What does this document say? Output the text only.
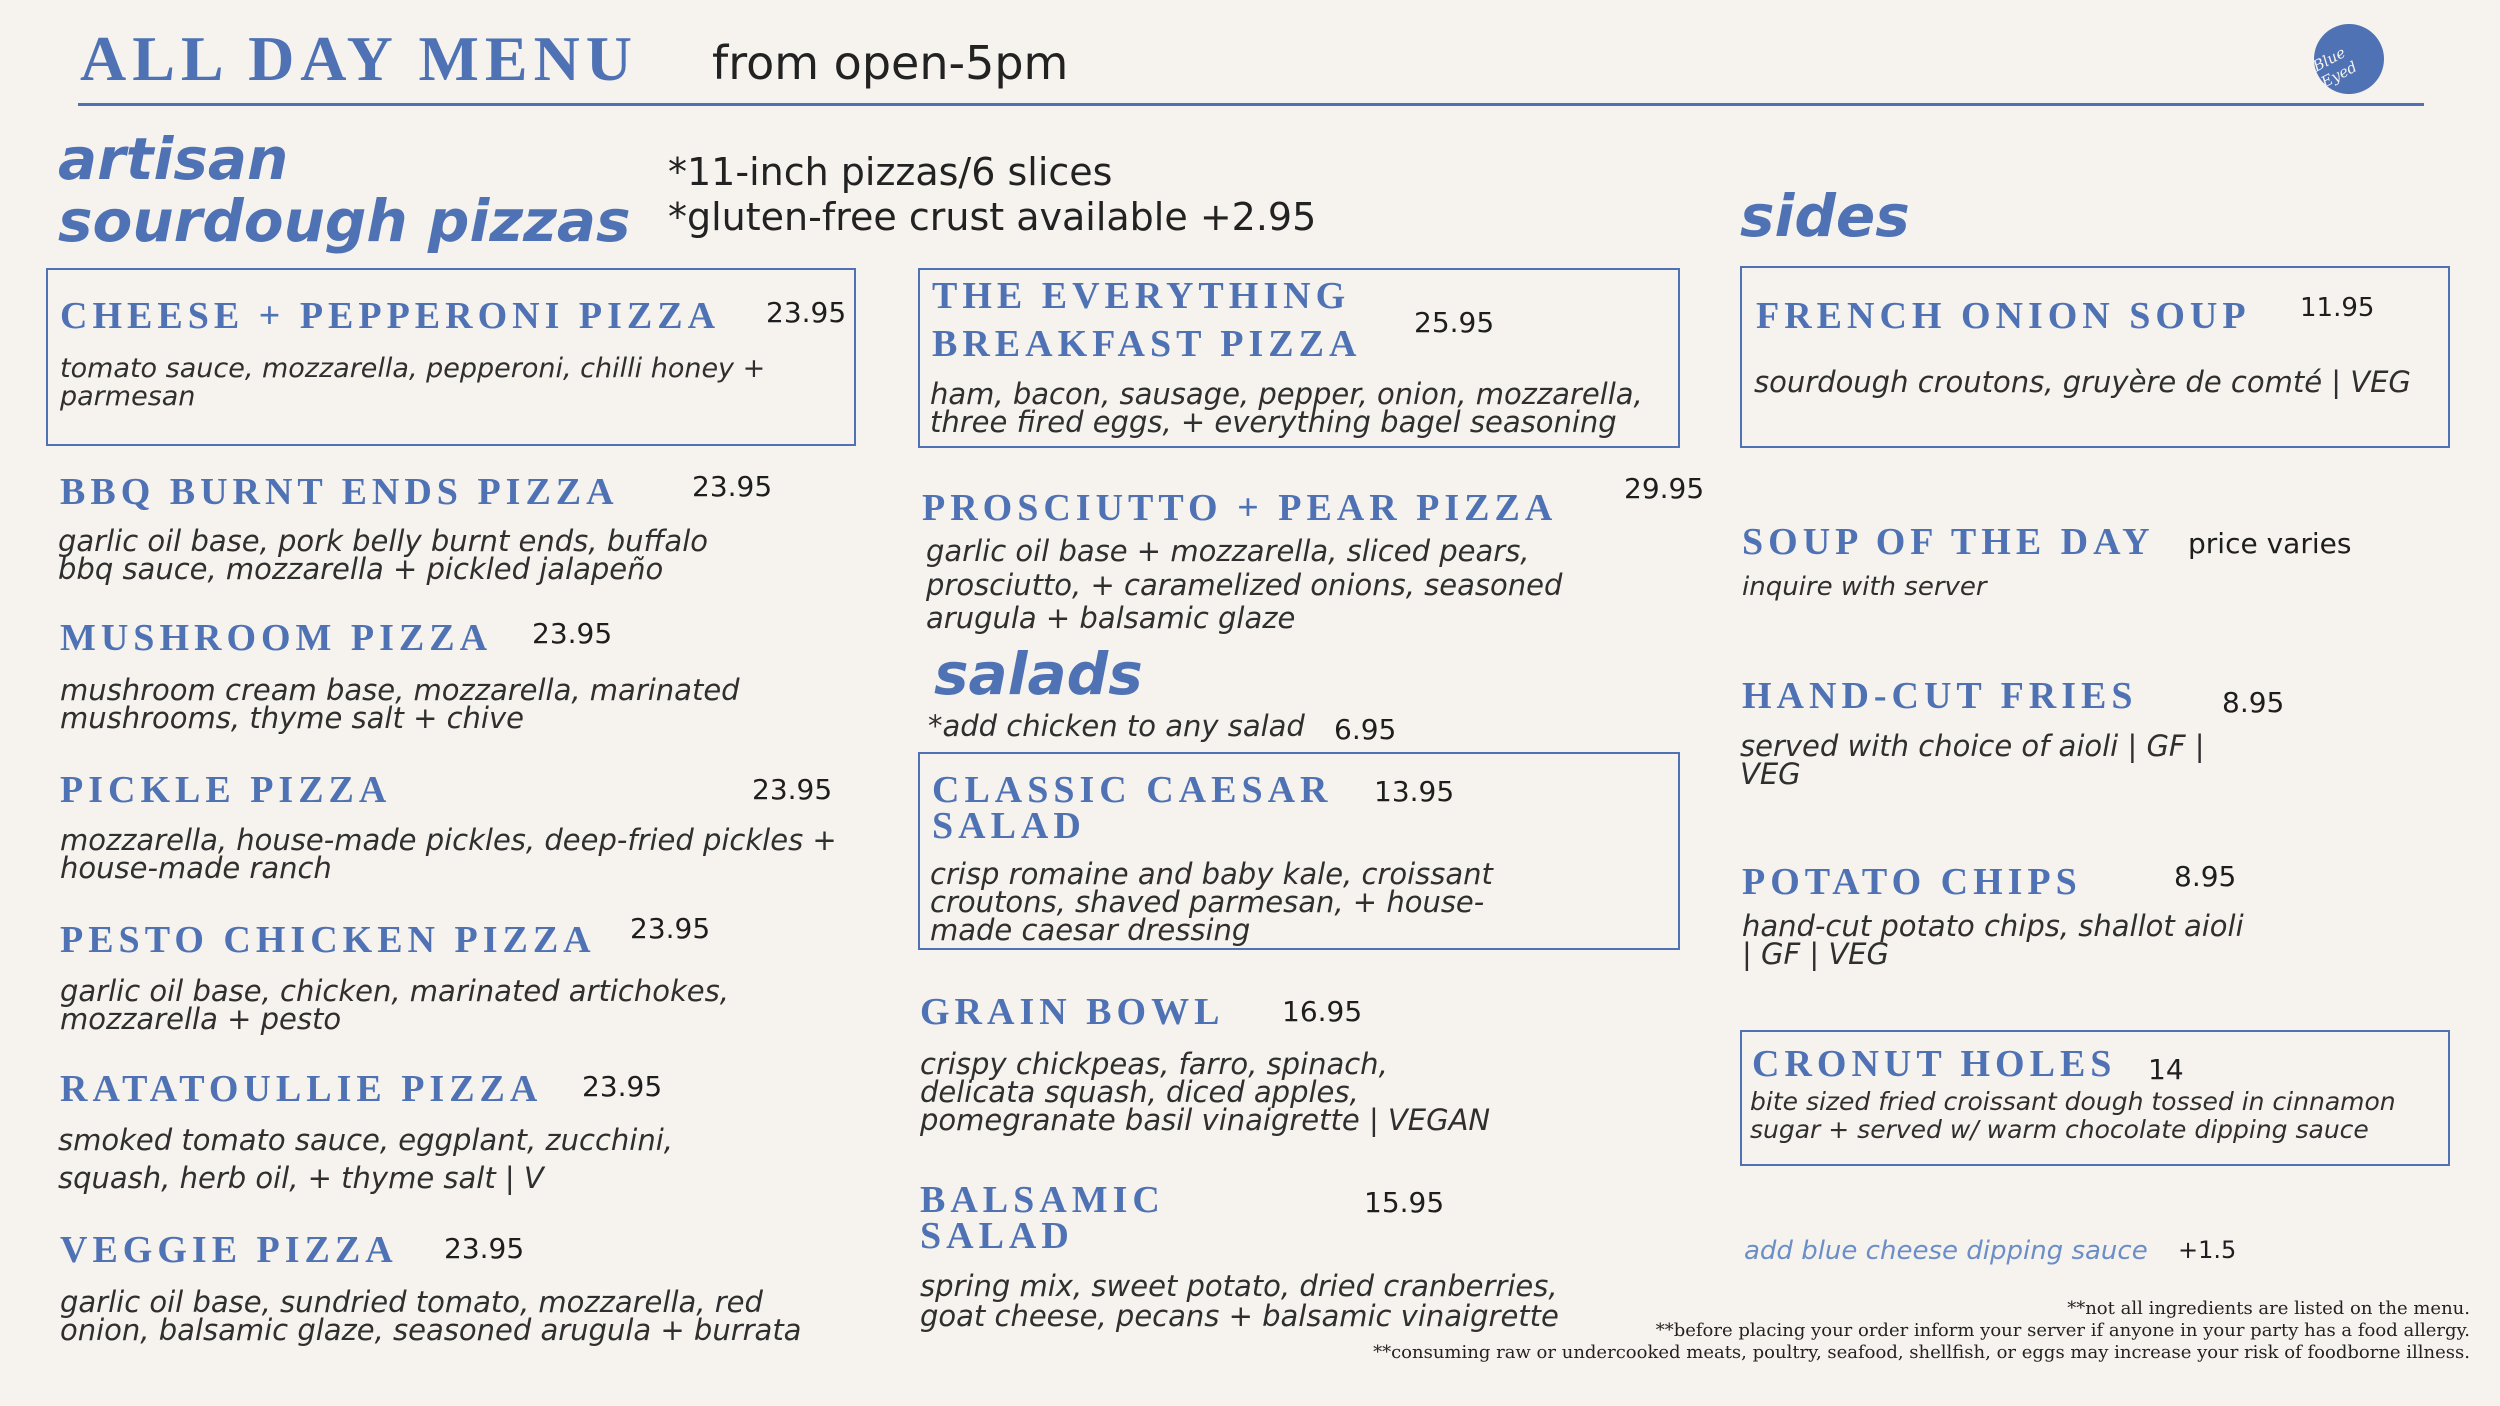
ALL DAY MENU from open-5pm	Blue Eyed
artisan
sourdough pizzas
*11-inch pizzas/6 slices
*gluten-free crust available +2.95
CHEESE + PEPPERONI PIZZA 23.95
tomato sauce, mozzarella, pepperoni, chilli honey +
parmesan
BBQ BURNT ENDS PIZZA	23.95
garlic oil base, pork belly burnt ends, buffalo
bbq sauce, mozzarella + pickled jalapeño
MUSHROOM PIZZA 23.95
mushroom cream base, mozzarella, marinated
mushrooms, thyme salt + chive
PICKLE PIZZA	23.95
mozzarella, house-made pickles, deep-fried pickles +
house-made ranch
PESTO CHICKEN PIZZA 23.95
garlic oil base, chicken, marinated artichokes,
mozzarella + pesto
RATATOULLIE PIZZA 23.95
smoked tomato sauce, eggplant, zucchini,
squash, herb oil, + thyme salt | V
VEGGIE PIZZA 23.95
garlic oil base, sundried tomato, mozzarella, red
onion, balsamic glaze, seasoned arugula + burrata
THE EVERYTHING
BREAKFAST PIZZA
25.95
ham, bacon, sausage, pepper, onion, mozzarella,
three fired eggs, + everything bagel seasoning
PROSCIUTTO + PEAR PIZZA 29.95
garlic oil base + mozzarella, sliced pears,
prosciutto, + caramelized onions, seasoned
arugula + balsamic glaze
salads
*add chicken to any salad 6.95
CLASSIC CAESAR
SALAD
13.95
crisp romaine and baby kale, croissant
croutons, shaved parmesan, + house-
made caesar dressing
GRAIN BOWL 16.95
crispy chickpeas, farro, spinach,
delicata squash, diced apples,
pomegranate basil vinaigrette | VEGAN
BALSAMIC
SALAD
15.95
spring mix, sweet potato, dried cranberries,
goat cheese, pecans + balsamic vinaigrette
sides
FRENCH ONION SOUP 11.95
sourdough croutons, gruyère de comté | VEG
SOUP OF THE DAY price varies
inquire with server
HAND-CUT FRIES	8.95
served with choice of aioli | GF |
VEG
POTATO CHIPS	8.95
hand-cut potato chips, shallot aioli
| GF | VEG
CRONUT HOLES 14
bite sized fried croissant dough tossed in cinnamon
sugar + served w/ warm chocolate dipping sauce
add blue cheese dipping sauce +1.5
**not all ingredients are listed on the menu.
**before placing your order inform your server if anyone in your party has a food allergy.
**consuming raw or undercooked meats, poultry, seafood, shellfish, or eggs may increase your risk of foodborne illness.
